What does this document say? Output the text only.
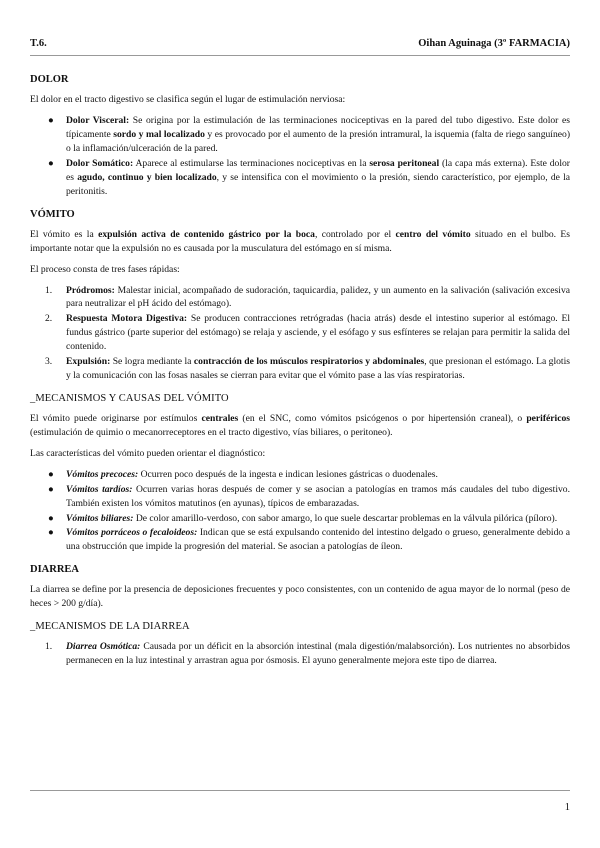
T.6.	Oihan Aguinaga (3º FARMACIA)
DOLOR

El dolor en el tracto digestivo se clasifica según el lugar de estimulación nerviosa:

● Dolor Visceral: Se origina por la estimulación de las terminaciones nociceptivas en la pared del tubo digestivo. Este dolor es típicamente sordo y mal localizado y es provocado por el aumento de la presión intramural, la isquemia (falta de riego sanguíneo) o la inflamación/ulceración de la pared.
● Dolor Somático: Aparece al estimularse las terminaciones nociceptivas en la serosa peritoneal (la capa más externa). Este dolor es agudo, continuo y bien localizado, y se intensifica con el movimiento o la presión, siendo característico, por ejemplo, de la peritonitis.
VÓMITO

El vómito es la expulsión activa de contenido gástrico por la boca, controlado por el centro del vómito situado en el bulbo. Es importante notar que la expulsión no es causada por la musculatura del estómago en sí misma.

El proceso consta de tres fases rápidas:

1. Pródromos: Malestar inicial, acompañado de sudoración, taquicardia, palidez, y un aumento en la salivación (salivación excesiva para neutralizar el pH ácido del estómago).
2. Respuesta Motora Digestiva: Se producen contracciones retrógradas (hacia atrás) desde el intestino superior al estómago. El fundus gástrico (parte superior del estómago) se relaja y asciende, y el esófago y sus esfínteres se relajan para permitir la salida del contenido.
3. Expulsión: Se logra mediante la contracción de los músculos respiratorios y abdominales, que presionan el estómago. La glotis y la comunicación con las fosas nasales se cierran para evitar que el vómito pase a las vías respiratorias.
_MECANISMOS Y CAUSAS DEL VÓMITO

El vómito puede originarse por estímulos centrales (en el SNC, como vómitos psicógenos o por hipertensión craneal), o periféricos (estimulación de quimio o mecanorreceptores en el tracto digestivo, vías biliares, o peritoneo).

Las características del vómito pueden orientar el diagnóstico:

● Vómitos precoces: Ocurren poco después de la ingesta e indican lesiones gástricas o duodenales.
● Vómitos tardíos: Ocurren varias horas después de comer y se asocian a patologías en tramos más caudales del tubo digestivo. También existen los vómitos matutinos (en ayunas), típicos de embarazadas.
● Vómitos biliares: De color amarillo-verdoso, con sabor amargo, lo que suele descartar problemas en la válvula pilórica (píloro).
● Vómitos porráceos o fecaloideos: Indican que se está expulsando contenido del intestino delgado o grueso, generalmente debido a una obstrucción que impide la progresión del material. Se asocian a patologías de íleon.
DIARREA

La diarrea se define por la presencia de deposiciones frecuentes y poco consistentes, con un contenido de agua mayor de lo normal (peso de heces > 200 g/día).

_MECANISMOS DE LA DIARREA
1. Diarrea Osmótica: Causada por un déficit en la absorción intestinal (mala digestión/malabsorción). Los nutrientes no absorbidos permanecen en la luz intestinal y arrastran agua por ósmosis. El ayuno generalmente mejora este tipo de diarrea.
1
